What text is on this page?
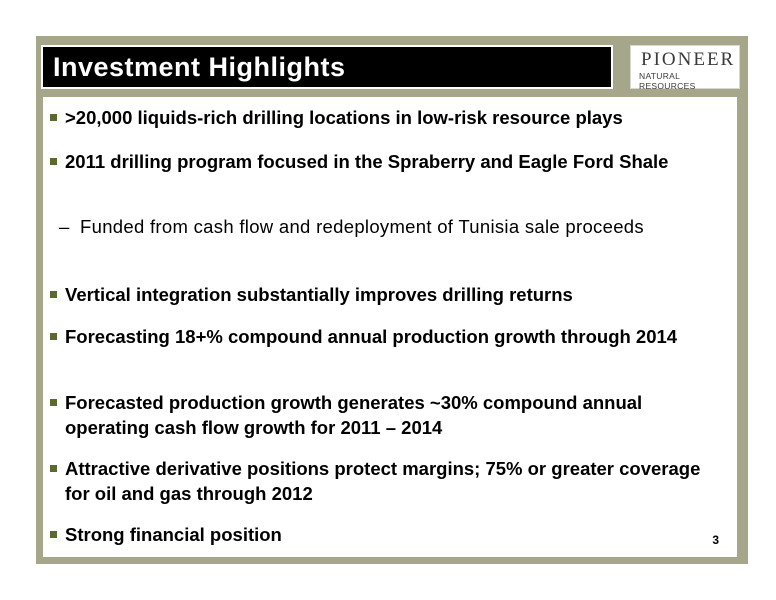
Investment Highlights	PIONEER
NATURAL RESOURCES
>20,000 liquids-rich drilling locations in low-risk resource plays
2011 drilling program focused in the Spraberry and Eagle Ford Shale
– Funded from cash flow and redeployment of Tunisia sale proceeds
Vertical integration substantially improves drilling returns
Forecasting 18+% compound annual production growth through 2014
Forecasted production growth generates ~30% compound annual operating cash flow growth for 2011 – 2014
Attractive derivative positions protect margins; 75% or greater coverage for oil and gas through 2012
Strong financial position	3
